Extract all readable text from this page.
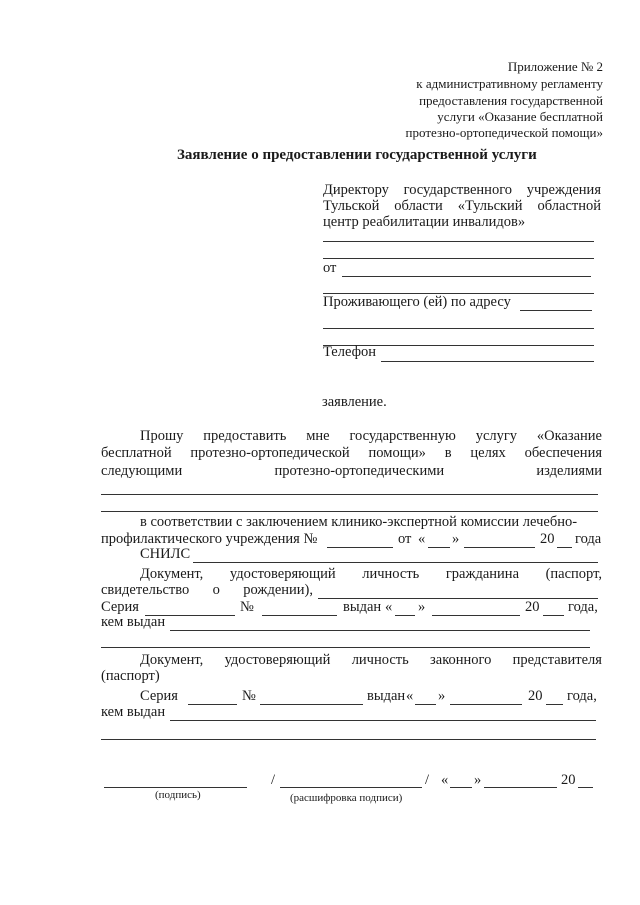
Приложение № 2
к административному регламенту
предоставления государственной
услуги «Оказание бесплатной
протезно-ортопедической помощи»
Заявление о предоставлении государственной услуги
Директору государственного учреждения
Тульской области «Тульский областной
центр реабилитации инвалидов»
от
Проживающего (ей) по адресу
Телефон
заявление.
Прошу предоставить мне государственную услугу «Оказание
бесплатной протезно-ортопедической помощи» в целях обеспечения
следующими	протезно-ортопедическими	изделиями
в соответствии с заключением клинико-экспертной комиссии лечебно-
профилактического учреждения №	от « »	20 года
СНИЛС
Документ, удостоверяющий личность гражданина (паспорт,
свидетельство о рождении),
Серия	№	выдан « »	20 года,
кем выдан
Документ, удостоверяющий личность законного представителя
(паспорт)
Серия	№	выдан « »	20 года,
кем выдан
/	/ « »	20
(подпись)	(расшифровка подписи)
